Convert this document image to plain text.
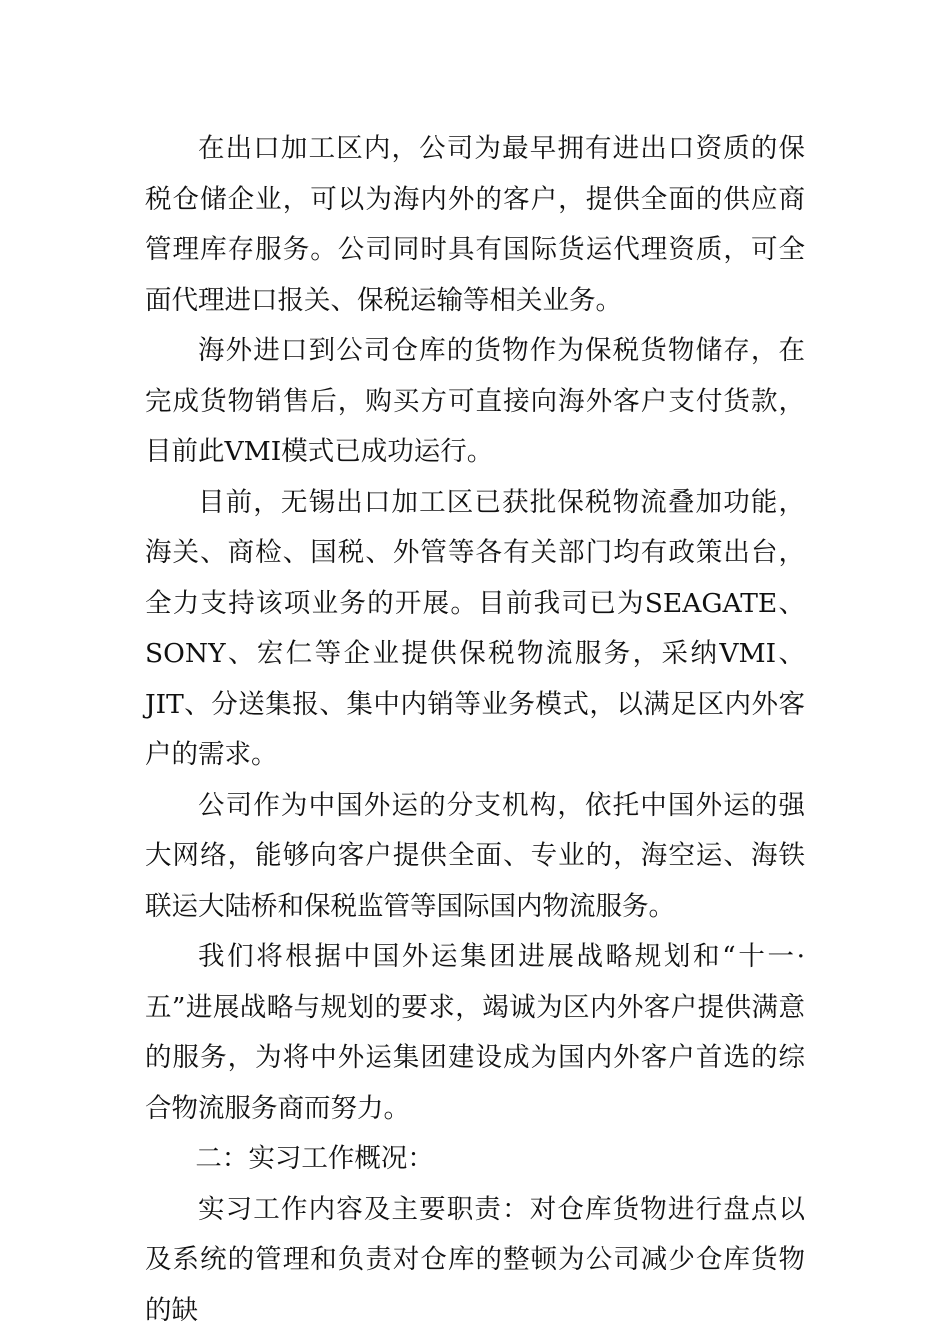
在出口加工区内，公司为最早拥有进出口资质的保税仓储企业，可以为海内外的客户，提供全面的供应商管理库存服务。公司同时具有国际货运代理资质，可全面代理进口报关、保税运输等相关业务。

海外进口到公司仓库的货物作为保税货物储存，在完成货物销售后，购买方可直接向海外客户支付货款，目前此VMI模式已成功运行。

目前，无锡出口加工区已获批保税物流叠加功能，海关、商检、国税、外管等各有关部门均有政策出台，全力支持该项业务的开展。目前我司已为SEAGATE、SONY、宏仁等企业提供保税物流服务，采纳VMI、JIT、分送集报、集中内销等业务模式，以满足区内外客户的需求。

公司作为中国外运的分支机构，依托中国外运的强大网络，能够向客户提供全面、专业的，海空运、海铁联运大陆桥和保税监管等国际国内物流服务。

我们将根据中国外运集团进展战略规划和“十一·五”进展战略与规划的要求，竭诚为区内外客户提供满意的服务，为将中外运集团建设成为国内外客户首选的综合物流服务商而努力。

二：实习工作概况：

实习工作内容及主要职责：对仓库货物进行盘点以及系统的管理和负责对仓库的整顿为公司减少仓库货物的缺
